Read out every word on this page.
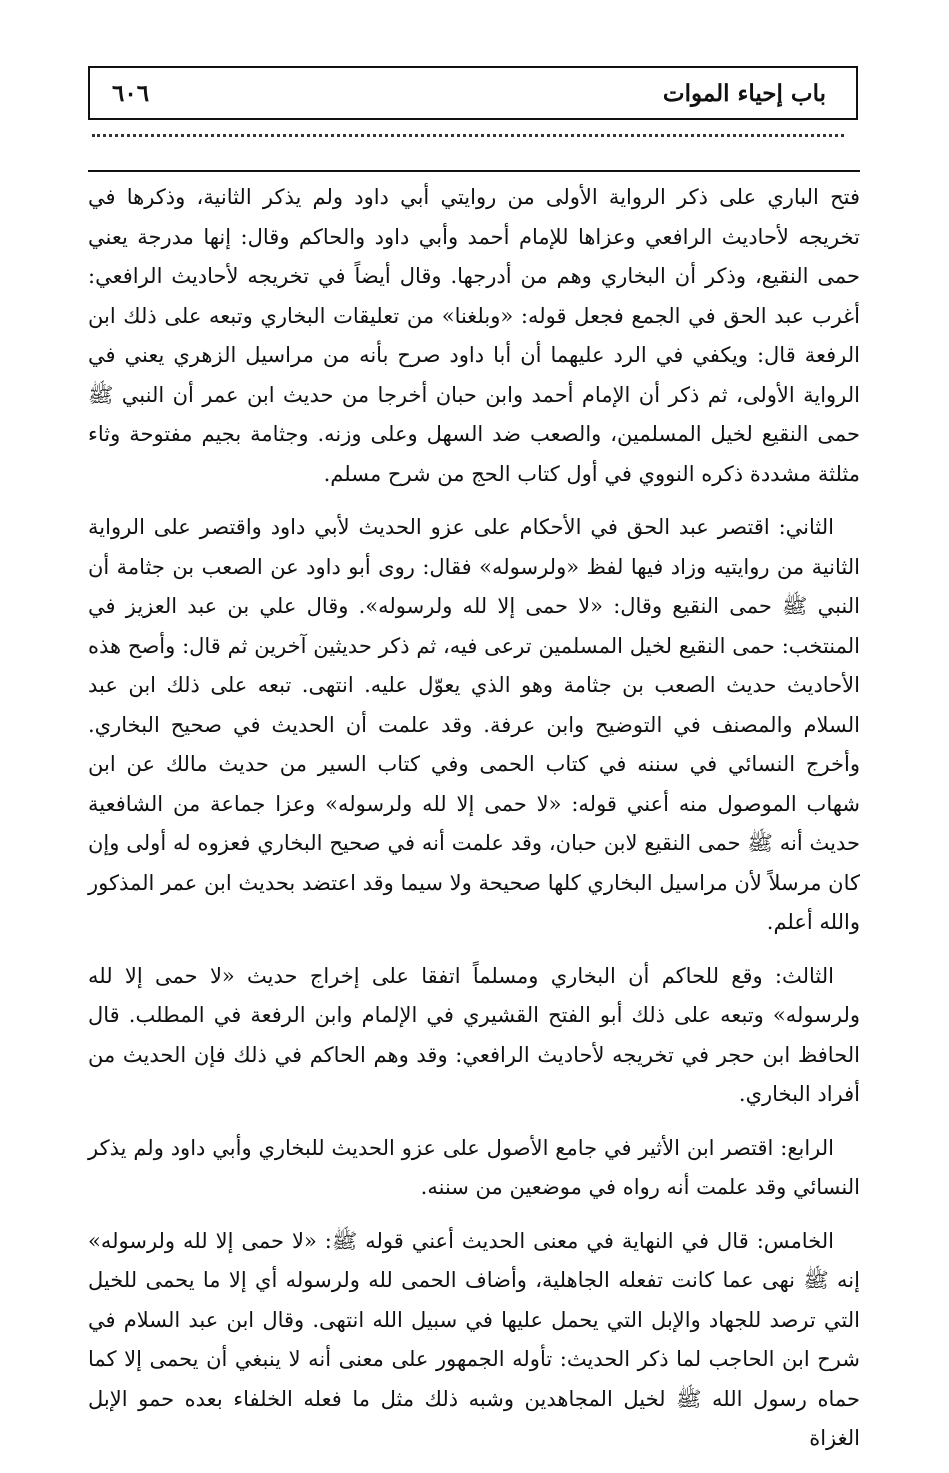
٦٠٦	باب إحياء الموات

فتح الباري على ذكر الرواية الأولى من روايتي أبي داود ولم يذكر الثانية، وذكرها في تخريجه لأحاديث الرافعي وعزاها للإمام أحمد وأبي داود والحاكم وقال: إنها مدرجة يعني حمى النقيع، وذكر أن البخاري وهم من أدرجها. وقال أيضاً في تخريجه لأحاديث الرافعي: أغرب عبد الحق في الجمع فجعل قوله: «وبلغنا» من تعليقات البخاري وتبعه على ذلك ابن الرفعة قال: ويكفي في الرد عليهما أن أبا داود صرح بأنه من مراسيل الزهري يعني في الرواية الأولى، ثم ذكر أن الإمام أحمد وابن حبان أخرجا من حديث ابن عمر أن النبي ﷺ حمى النقيع لخيل المسلمين، والصعب ضد السهل وعلى وزنه. وجثامة بجيم مفتوحة وثاء مثلثة مشددة ذكره النووي في أول كتاب الحج من شرح مسلم.

الثاني: اقتصر عبد الحق في الأحكام على عزو الحديث لأبي داود واقتصر على الرواية الثانية من روايتيه وزاد فيها لفظ «ولرسوله» فقال: روى أبو داود عن الصعب بن جثامة أن النبي ﷺ حمى النقيع وقال: «لا حمى إلا لله ولرسوله». وقال علي بن عبد العزيز في المنتخب: حمى النقيع لخيل المسلمين ترعى فيه، ثم ذكر حديثين آخرين ثم قال: وأصح هذه الأحاديث حديث الصعب بن جثامة وهو الذي يعوّل عليه. انتهى. تبعه على ذلك ابن عبد السلام والمصنف في التوضيح وابن عرفة. وقد علمت أن الحديث في صحيح البخاري. وأخرج النسائي في سننه في كتاب الحمى وفي كتاب السير من حديث مالك عن ابن شهاب الموصول منه أعني قوله: «لا حمى إلا لله ولرسوله» وعزا جماعة من الشافعية حديث أنه ﷺ حمى النقيع لابن حبان، وقد علمت أنه في صحيح البخاري فعزوه له أولى وإن كان مرسلاً لأن مراسيل البخاري كلها صحيحة ولا سيما وقد اعتضد بحديث ابن عمر المذكور والله أعلم.

الثالث: وقع للحاكم أن البخاري ومسلماً اتفقا على إخراج حديث «لا حمى إلا لله ولرسوله» وتبعه على ذلك أبو الفتح القشيري في الإلمام وابن الرفعة في المطلب. قال الحافظ ابن حجر في تخريجه لأحاديث الرافعي: وقد وهم الحاكم في ذلك فإن الحديث من أفراد البخاري.

الرابع: اقتصر ابن الأثير في جامع الأصول على عزو الحديث للبخاري وأبي داود ولم يذكر النسائي وقد علمت أنه رواه في موضعين من سننه.

الخامس: قال في النهاية في معنى الحديث أعني قوله ﷺ: «لا حمى إلا لله ولرسوله» إنه ﷺ نهى عما كانت تفعله الجاهلية، وأضاف الحمى لله ولرسوله أي إلا ما يحمى للخيل التي ترصد للجهاد والإبل التي يحمل عليها في سبيل الله انتهى. وقال ابن عبد السلام في شرح ابن الحاجب لما ذكر الحديث: تأوله الجمهور على معنى أنه لا ينبغي أن يحمى إلا كما حماه رسول الله ﷺ لخيل المجاهدين وشبه ذلك مثل ما فعله الخلفاء بعده حمو الإبل الغزاة
